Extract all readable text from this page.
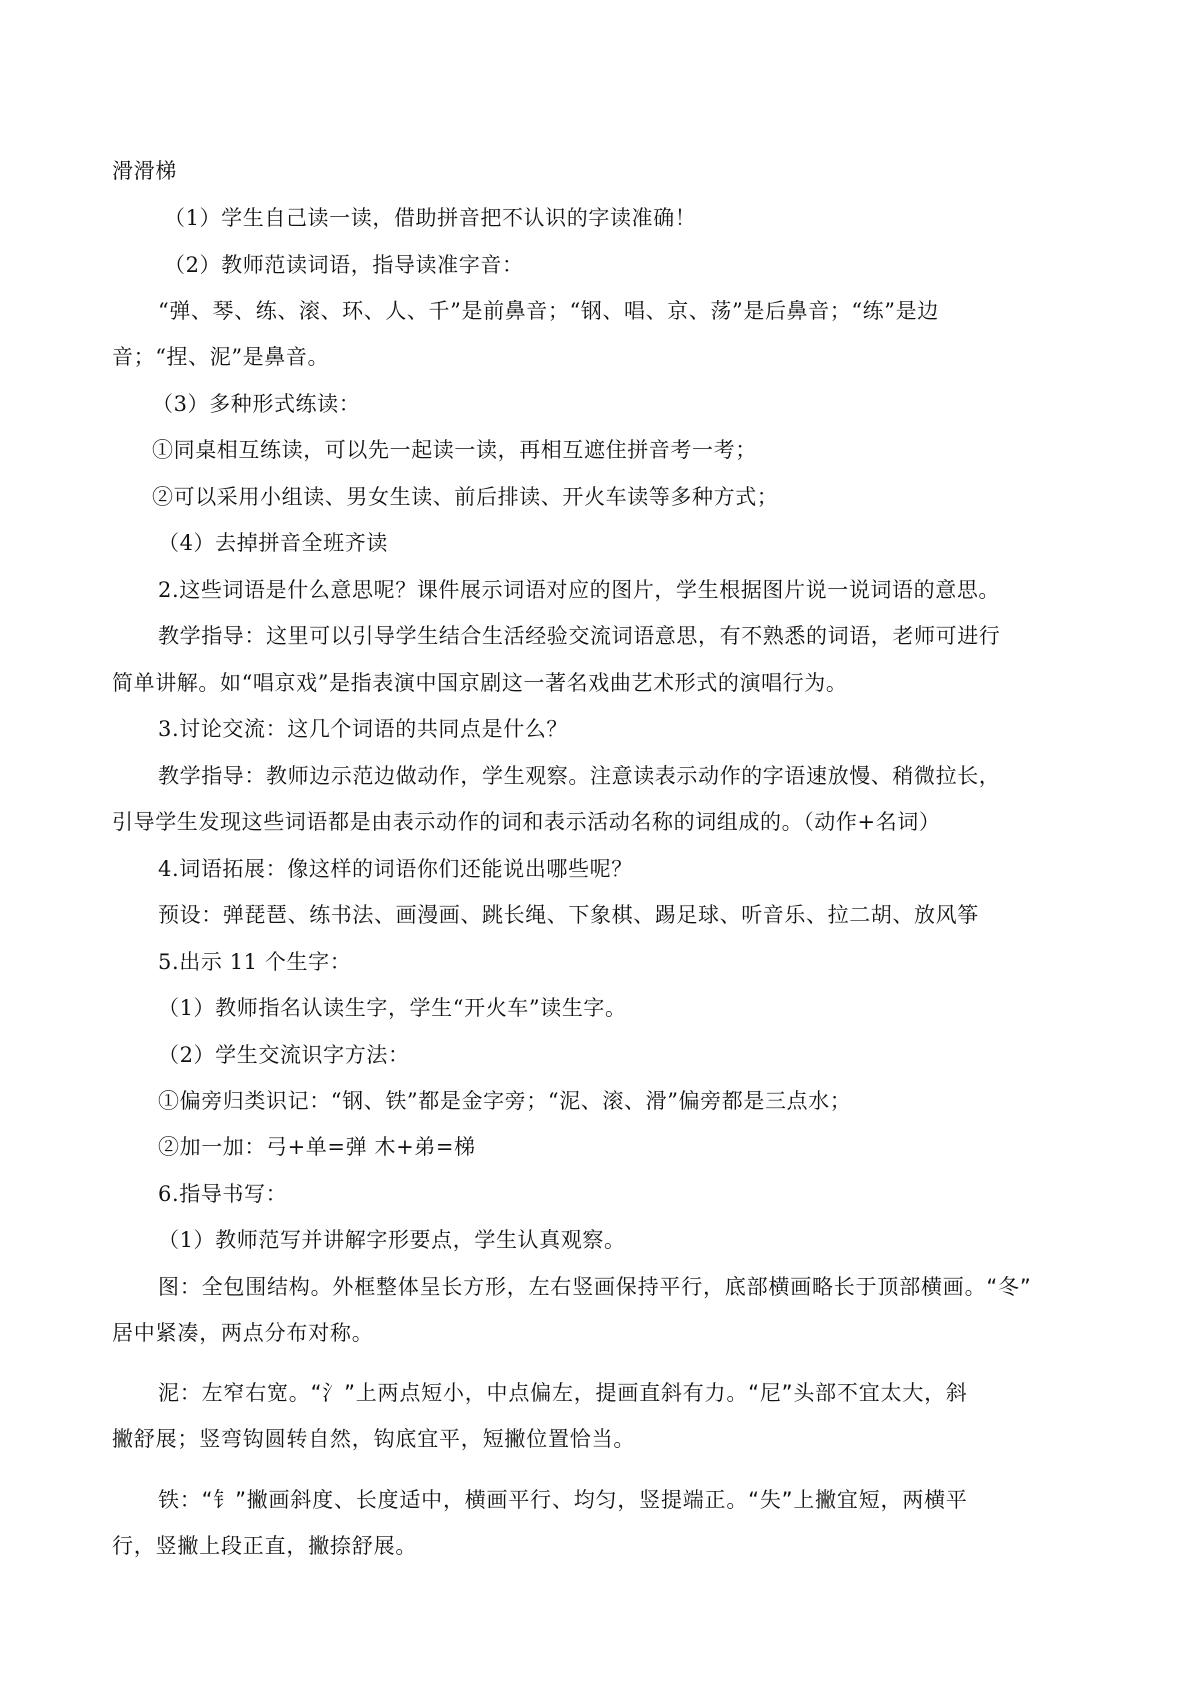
滑滑梯
（1）学生自己读一读，借助拼音把不认识的字读准确！
（2）教师范读词语，指导读准字音：
“弹、琴、练、滚、环、人、千”是前鼻音；“钢、唱、京、荡”是后鼻音；“练”是边
音；“捏、泥”是鼻音。
（3）多种形式练读：
①同桌相互练读，可以先一起读一读，再相互遮住拼音考一考；
②可以采用小组读、男女生读、前后排读、开火车读等多种方式；
（4）去掉拼音全班齐读
2.这些词语是什么意思呢？课件展示词语对应的图片，学生根据图片说一说词语的意思。
教学指导：这里可以引导学生结合生活经验交流词语意思，有不熟悉的词语，老师可进行
简单讲解。如“唱京戏”是指表演中国京剧这一著名戏曲艺术形式的演唱行为。
3.讨论交流：这几个词语的共同点是什么？
教学指导：教师边示范边做动作，学生观察。注意读表示动作的字语速放慢、稍微拉长，
引导学生发现这些词语都是由表示动作的词和表示活动名称的词组成的。（动作+名词）
4.词语拓展：像这样的词语你们还能说出哪些呢？
预设：弹琵琶、练书法、画漫画、跳长绳、下象棋、踢足球、听音乐、拉二胡、放风筝
5.出示 11 个生字：
（1）教师指名认读生字，学生“开火车”读生字。
（2）学生交流识字方法：
①偏旁归类识记：“钢、铁”都是金字旁；“泥、滚、滑”偏旁都是三点水；
②加一加：弓+单=弹 木+弟=梯
6.指导书写：
（1）教师范写并讲解字形要点，学生认真观察。
图：全包围结构。外框整体呈长方形，左右竖画保持平行，底部横画略长于顶部横画。“冬”
居中紧凑，两点分布对称。
泥：左窄右宽。“氵”上两点短小，中点偏左，提画直斜有力。“尼”头部不宜太大，斜
撇舒展；竖弯钩圆转自然，钩底宜平，短撇位置恰当。
铁：“钅”撇画斜度、长度适中，横画平行、均匀，竖提端正。“失”上撇宜短，两横平
行，竖撇上段正直，撇捺舒展。
